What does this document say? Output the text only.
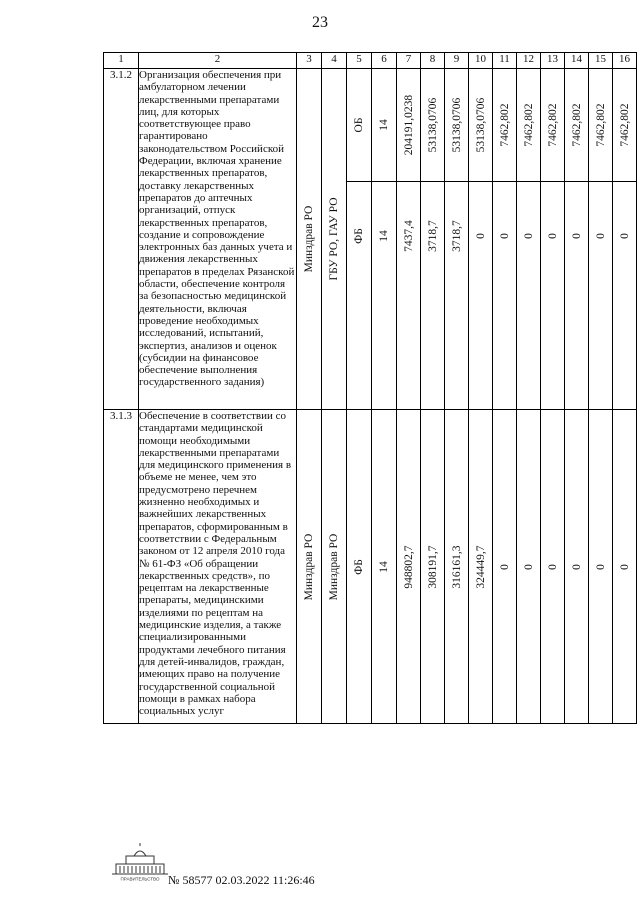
23
1	2	3	4	5	6	7	8	9	10	11	12	13	14	15	16
3.1.2	Организация обеспечения при амбулаторном лечении лекарственными препаратами лиц, для которых соответствующее право гарантировано законодательством Российской Федерации, включая хранение лекарственных препаратов, доставку лекарственных препаратов до аптечных организаций, отпуск лекарственных препаратов, создание и сопровождение электронных баз данных учета и движения лекарственных препаратов в пределах Рязанской области, обеспечение контроля за безопасностью медицинской деятельности, включая проведение необходимых исследований, испытаний, экспертиз, анализов и оценок (субсидии на финансовое обеспечение выполнения государственного задания)	Минздрав РО	ГБУ РО, ГАУ РО	ОБ	14	204191,0238	53138,0706	53138,0706	53138,0706	7462,802	7462,802	7462,802	7462,802	7462,802	7462,802

				ФБ	14	7437,4	3718,7	3718,7	0	0	0	0	0	0	0

3.1.3	Обеспечение в соответствии со стандартами медицинской помощи необходимыми лекарственными препаратами для медицинского применения в объеме не менее, чем это предусмотрено перечнем жизненно необходимых и важнейших лекарственных препаратов, сформированным в соответствии с Федеральным законом от 12 апреля 2010 года № 61-ФЗ «Об обращении лекарственных средств», по рецептам на лекарственные препараты, медицинскими изделиями по рецептам на медицинские изделия, а также специализированными продуктами лечебного питания для детей-инвалидов, граждан, имеющих право на получение государственной социальной помощи в рамках набора социальных услуг	Минздрав РО	Минздрав РО	ФБ	14	948802,7	308191,7	316161,3	324449,7	0	0	0	0	0	0
ПРАВИТЕЛЬСТВО № 58577 02.03.2022 11:26:46
